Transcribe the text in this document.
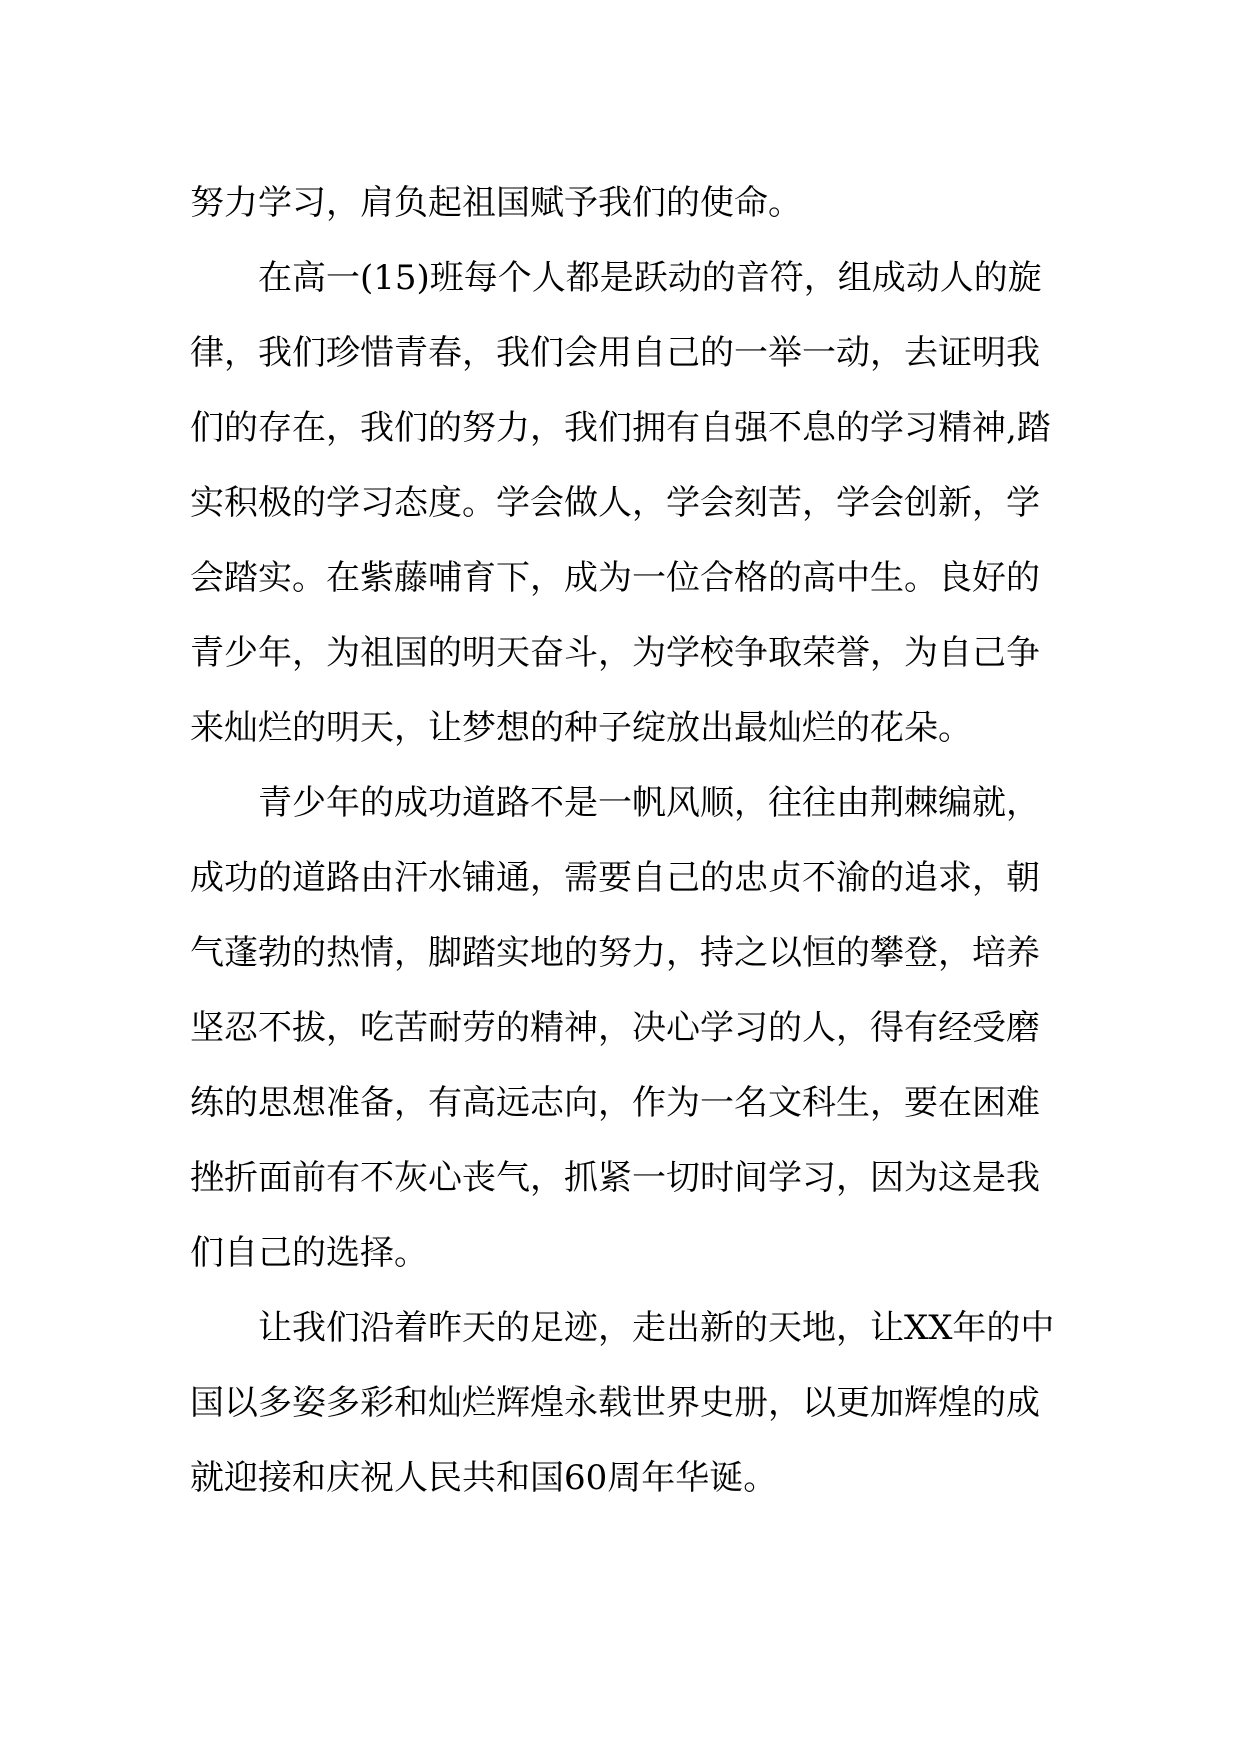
努力学习，肩负起祖国赋予我们的使命。
在高一(15)班每个人都是跃动的音符，组成动人的旋
律，我们珍惜青春，我们会用自己的一举一动，去证明我
们的存在，我们的努力，我们拥有自强不息的学习精神,踏
实积极的学习态度。学会做人，学会刻苦，学会创新，学
会踏实。在紫藤哺育下，成为一位合格的高中生。良好的
青少年，为祖国的明天奋斗，为学校争取荣誉，为自己争
来灿烂的明天，让梦想的种子绽放出最灿烂的花朵。
青少年的成功道路不是一帆风顺，往往由荆棘编就，
成功的道路由汗水铺通，需要自己的忠贞不渝的追求，朝
气蓬勃的热情，脚踏实地的努力，持之以恒的攀登，培养
坚忍不拔，吃苦耐劳的精神，决心学习的人，得有经受磨
练的思想准备，有高远志向，作为一名文科生，要在困难
挫折面前有不灰心丧气，抓紧一切时间学习，因为这是我
们自己的选择。
让我们沿着昨天的足迹，走出新的天地，让XX年的中
国以多姿多彩和灿烂辉煌永载世界史册，以更加辉煌的成
就迎接和庆祝人民共和国60周年华诞。
